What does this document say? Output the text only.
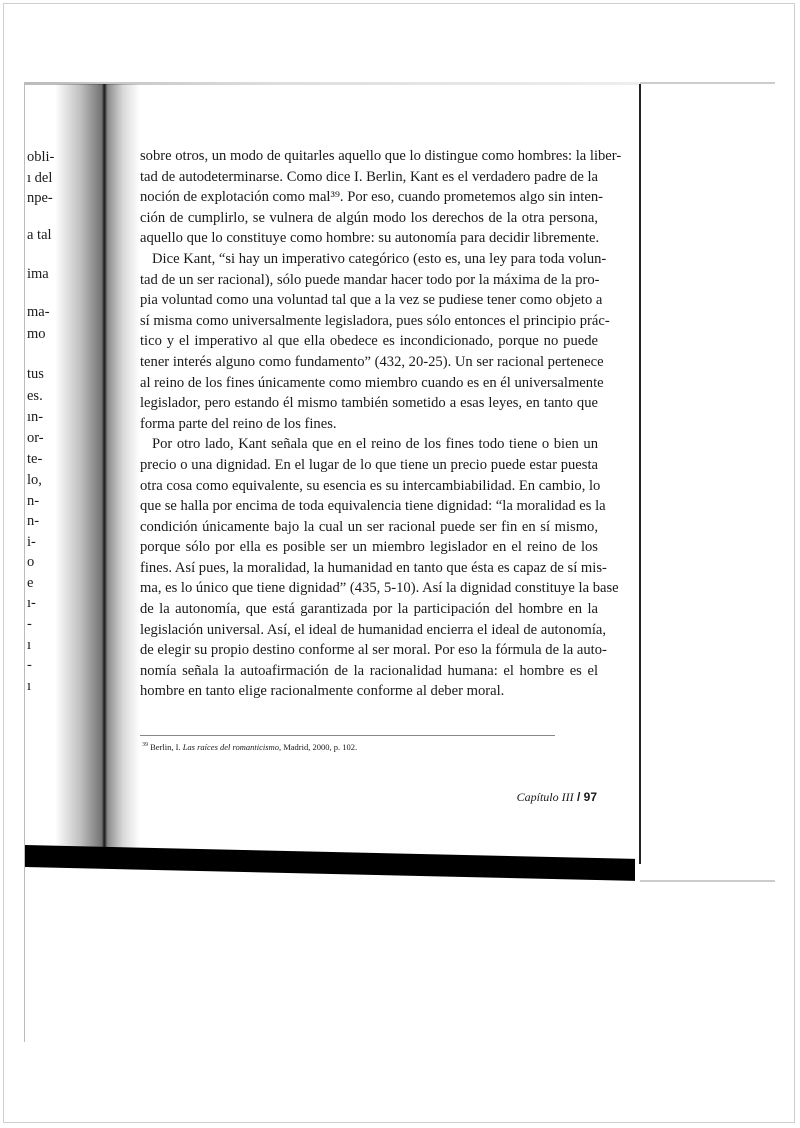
obli-
ı del
npe-
a tal
ima
ma-
mo
tus
es.
ın-
or-
te-
lo,
n-
n-
i-
o
e
ı-
-
ı
-
ı
sobre otros, un modo de quitarles aquello que lo distingue como hombres: la liber-
tad de autodeterminarse. Como dice I. Berlin, Kant es el verdadero padre de la
noción de explotación como mal³⁹. Por eso, cuando prometemos algo sin inten-
ción de cumplirlo, se vulnera de algún modo los derechos de la otra persona,
aquello que lo constituye como hombre: su autonomía para decidir libremente.
Dice Kant, “si hay un imperativo categórico (esto es, una ley para toda volun-
tad de un ser racional), sólo puede mandar hacer todo por la máxima de la pro-
pia voluntad como una voluntad tal que a la vez se pudiese tener como objeto a
sí misma como universalmente legisladora, pues sólo entonces el principio prác-
tico y el imperativo al que ella obedece es incondicionado, porque no puede
tener interés alguno como fundamento” (432, 20-25). Un ser racional pertenece
al reino de los fines únicamente como miembro cuando es en él universalmente
legislador, pero estando él mismo también sometido a esas leyes, en tanto que
forma parte del reino de los fines.
Por otro lado, Kant señala que en el reino de los fines todo tiene o bien un
precio o una dignidad. En el lugar de lo que tiene un precio puede estar puesta
otra cosa como equivalente, su esencia es su intercambiabilidad. En cambio, lo
que se halla por encima de toda equivalencia tiene dignidad: “la moralidad es la
condición únicamente bajo la cual un ser racional puede ser fin en sí mismo,
porque sólo por ella es posible ser un miembro legislador en el reino de los
fines. Así pues, la moralidad, la humanidad en tanto que ésta es capaz de sí mis-
ma, es lo único que tiene dignidad” (435, 5-10). Así la dignidad constituye la base
de la autonomía, que está garantizada por la participación del hombre en la
legislación universal. Así, el ideal de humanidad encierra el ideal de autonomía,
de elegir su propio destino conforme al ser moral. Por eso la fórmula de la auto-
nomía señala la autoafirmación de la racionalidad humana: el hombre es el
hombre en tanto elige racionalmente conforme al deber moral.
$^{39}$ Berlin, I. Las raíces del romanticismo, Madrid, 2000, p. 102.
Capítulo III / 97
